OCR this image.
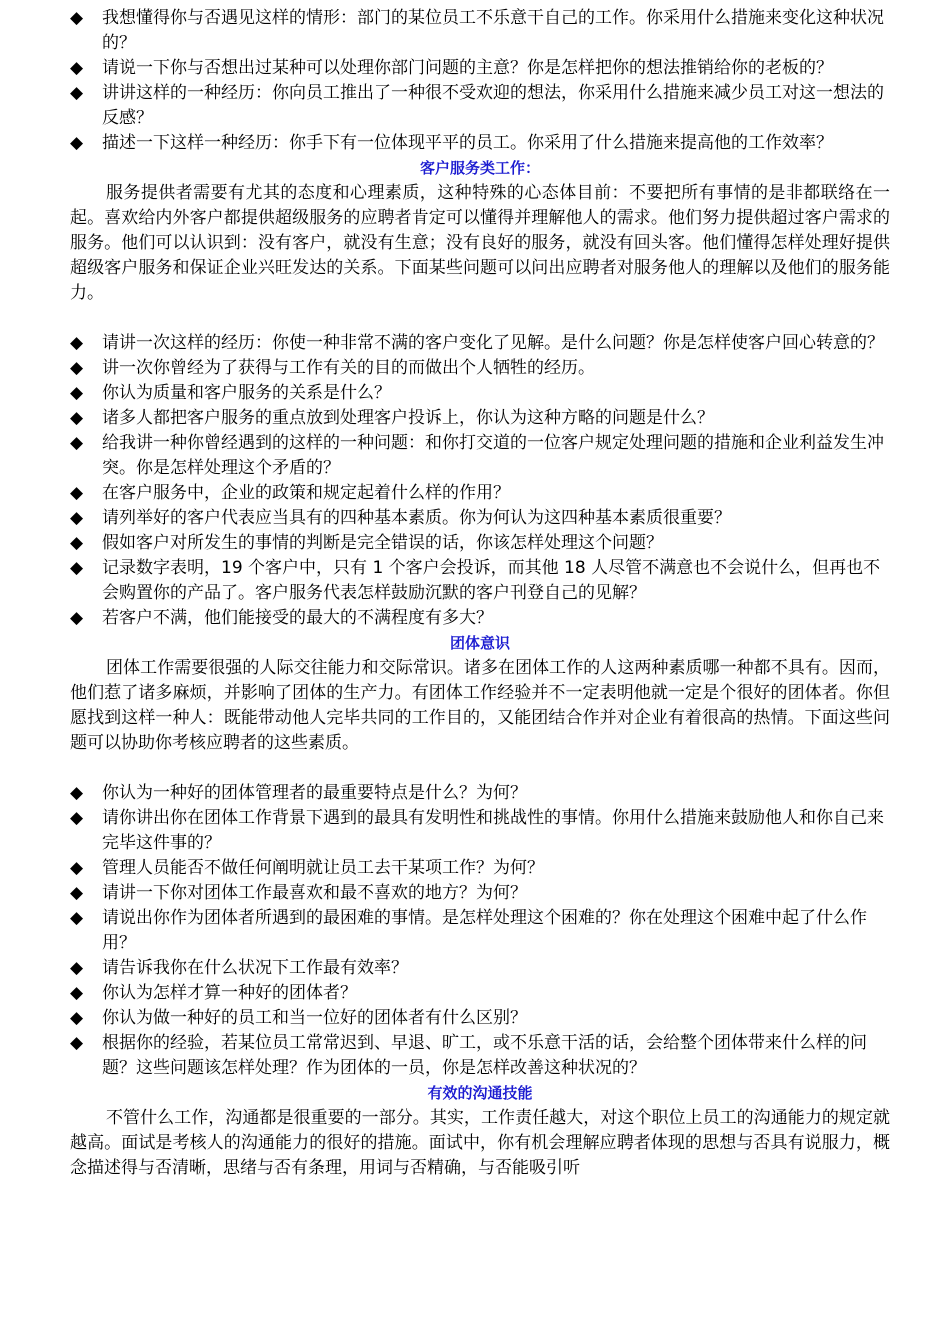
◆ 我想懂得你与否遇见这样的情形：部门的某位员工不乐意干自己的工作。你采用什么措施来变化这种状况的？
◆ 请说一下你与否想出过某种可以处理你部门问题的主意？你是怎样把你的想法推销给你的老板的？
◆ 讲讲这样的一种经历：你向员工推出了一种很不受欢迎的想法，你采用什么措施来减少员工对这一想法的反感？
◆ 描述一下这样一种经历：你手下有一位体现平平的员工。你采用了什么措施来提高他的工作效率？

客户服务类工作：

服务提供者需要有尤其的态度和心理素质，这种特殊的心态体目前：不要把所有事情的是非都联络在一起。喜欢给内外客户都提供超级服务的应聘者肯定可以懂得并理解他人的需求。他们努力提供超过客户需求的服务。他们可以认识到：没有客户，就没有生意；没有良好的服务，就没有回头客。他们懂得怎样处理好提供超级客户服务和保证企业兴旺发达的关系。下面某些问题可以问出应聘者对服务他人的理解以及他们的服务能力。

◆ 请讲一次这样的经历：你使一种非常不满的客户变化了见解。是什么问题？你是怎样使客户回心转意的？
◆ 讲一次你曾经为了获得与工作有关的目的而做出个人牺牲的经历。
◆ 你认为质量和客户服务的关系是什么？
◆ 诸多人都把客户服务的重点放到处理客户投诉上，你认为这种方略的问题是什么？
◆ 给我讲一种你曾经遇到的这样的一种问题：和你打交道的一位客户规定处理问题的措施和企业利益发生冲突。你是怎样处理这个矛盾的？
◆ 在客户服务中，企业的政策和规定起着什么样的作用？
◆ 请列举好的客户代表应当具有的四种基本素质。你为何认为这四种基本素质很重要？
◆ 假如客户对所发生的事情的判断是完全错误的话，你该怎样处理这个问题？
◆ 记录数字表明，19 个客户中，只有 1 个客户会投诉，而其他 18 人尽管不满意也不会说什么，但再也不会购置你的产品了。客户服务代表怎样鼓励沉默的客户刊登自己的见解？
◆ 若客户不满，他们能接受的最大的不满程度有多大？

团体意识

团体工作需要很强的人际交往能力和交际常识。诸多在团体工作的人这两种素质哪一种都不具有。因而，他们惹了诸多麻烦，并影响了团体的生产力。有团体工作经验并不一定表明他就一定是个很好的团体者。你但愿找到这样一种人：既能带动他人完毕共同的工作目的，又能团结合作并对企业有着很高的热情。下面这些问题可以协助你考核应聘者的这些素质。

◆ 你认为一种好的团体管理者的最重要特点是什么？为何？
◆ 请你讲出你在团体工作背景下遇到的最具有发明性和挑战性的事情。你用什么措施来鼓励他人和你自己来完毕这件事的？
◆ 管理人员能否不做任何阐明就让员工去干某项工作？为何？
◆ 请讲一下你对团体工作最喜欢和最不喜欢的地方？为何？
◆ 请说出你作为团体者所遇到的最困难的事情。是怎样处理这个困难的？你在处理这个困难中起了什么作用？
◆ 请告诉我你在什么状况下工作最有效率？
◆ 你认为怎样才算一种好的团体者？
◆ 你认为做一种好的员工和当一位好的团体者有什么区别？
◆ 根据你的经验，若某位员工常常迟到、早退、旷工，或不乐意干活的话，会给整个团体带来什么样的问题？这些问题该怎样处理？作为团体的一员，你是怎样改善这种状况的？

有效的沟通技能

不管什么工作，沟通都是很重要的一部分。其实，工作责任越大，对这个职位上员工的沟通能力的规定就越高。面试是考核人的沟通能力的很好的措施。面试中，你有机会理解应聘者体现的思想与否具有说服力，概念描述得与否清晰，思绪与否有条理，用词与否精确，与否能吸引听
